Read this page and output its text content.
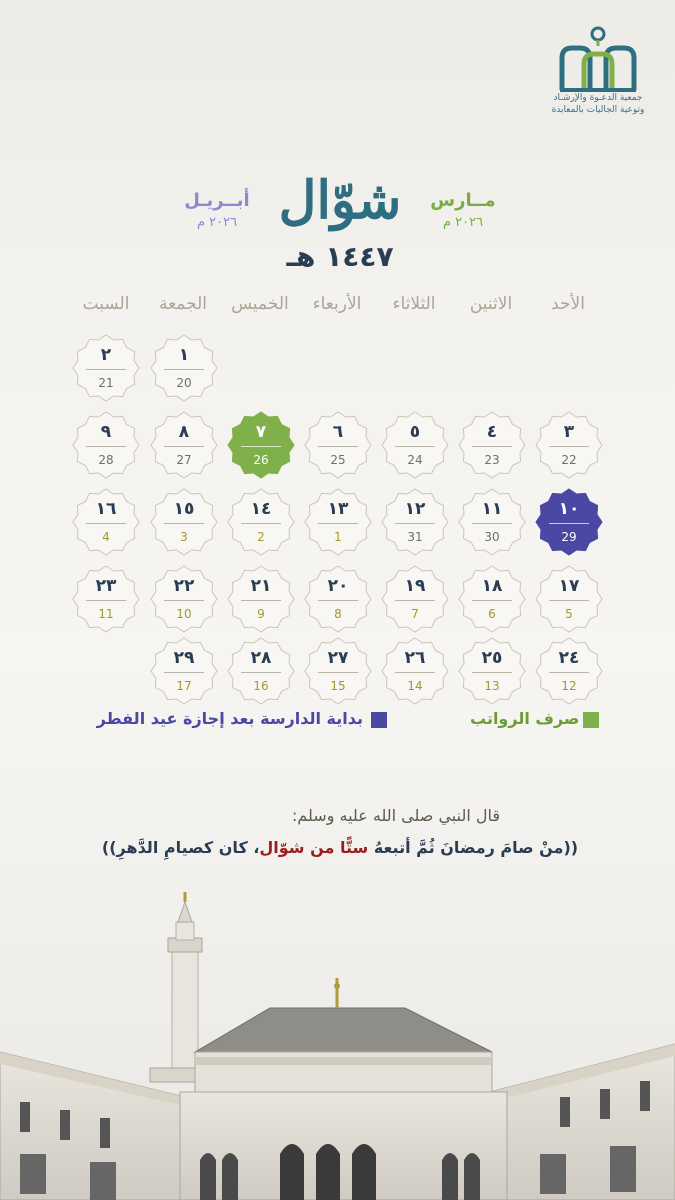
جمعية الدعـوة والإرشـاد
وتوعية الجاليات بالمعابدة
أبــريـل
٢٠٢٦ م شوّال
١٤٤٧ هـ
مــارس
٢٠٢٦ م
الأحد
الاثنين
الثلاثاء
الأربعاء
الخميس
الجمعة
السبت
١
20
٢
21
٣
22
٤
23
٥
24
٦
25
٧
26
٨
27
٩
28
١٠
29
١١
30
١٢
31
١٣
1
١٤
2
١٥
3
١٦
4
١٧
5
١٨
6
١٩
7
٢٠
8
٢١
9
٢٢
10
٢٣
11
٢٤
12
٢٥
13
٢٦
14
٢٧
15
٢٨
16
٢٩
17
صرف الرواتب
بداية الدارسة بعد إجازة عيد الفطر
قال النبي صلى الله عليه وسلم:
((منْ صامَ رمضانَ ثُمَّ أتبعهُ ستًّا من شوّال، كان كصيامِ الدَّهرِ))
